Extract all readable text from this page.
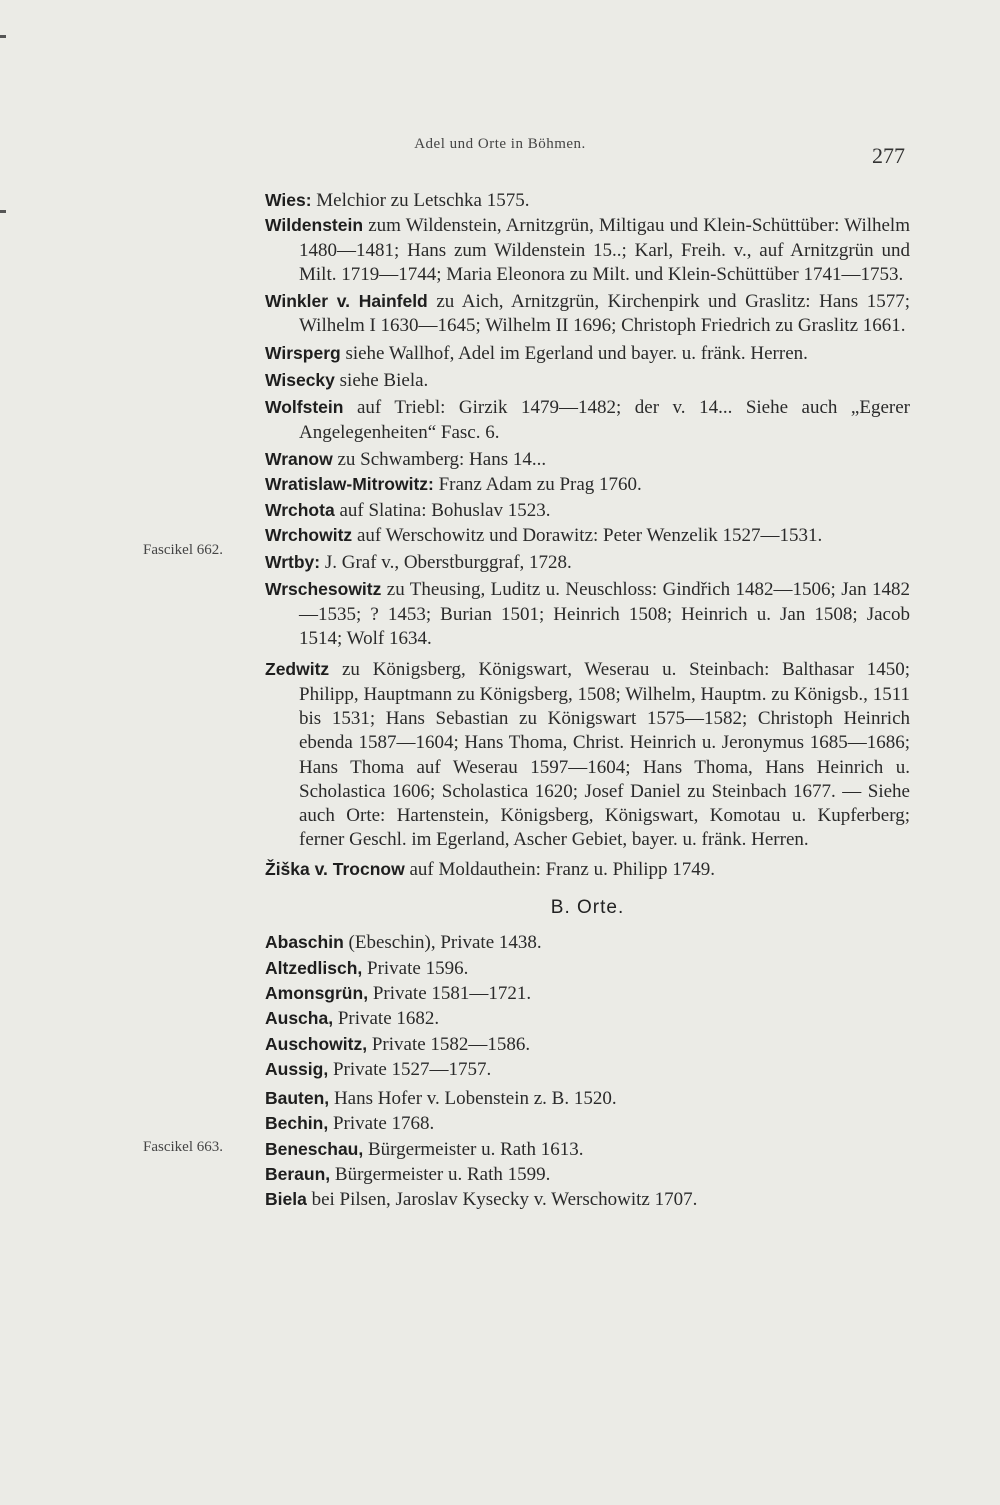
Adel und Orte in Böhmen.	277
Fascikel 662.
Fascikel 663.
Wies: Melchior zu Letschka 1575.
Wildenstein zum Wildenstein, Arnitzgrün, Miltigau und Klein-Schüttüber: Wilhelm 1480—1481; Hans zum Wildenstein 15..; Karl, Freih. v., auf Arnitzgrün und Milt. 1719—1744; Maria Eleonora zu Milt. und Klein-Schüttüber 1741—1753.
Winkler v. Hainfeld zu Aich, Arnitzgrün, Kirchenpirk und Graslitz: Hans 1577; Wilhelm I 1630—1645; Wilhelm II 1696; Christoph Friedrich zu Graslitz 1661.
Wirsperg siehe Wallhof, Adel im Egerland und bayer. u. fränk. Herren.
Wisecky siehe Biela.
Wolfstein auf Triebl: Girzik 1479—1482; der v. 14... Siehe auch „Egerer Angelegenheiten“ Fasc. 6.
Wranow zu Schwamberg: Hans 14...
Wratislaw-Mitrowitz: Franz Adam zu Prag 1760.
Wrchota auf Slatina: Bohuslav 1523.
Wrchowitz auf Werschowitz und Dorawitz: Peter Wenzelik 1527—1531.
Wrtby: J. Graf v., Oberstburggraf, 1728.
Wrschesowitz zu Theusing, Luditz u. Neuschloss: Gindřich 1482—1506; Jan 1482—1535; ? 1453; Burian 1501; Heinrich 1508; Heinrich u. Jan 1508; Jacob 1514; Wolf 1634.
Zedwitz zu Königsberg, Königswart, Weserau u. Steinbach: Balthasar 1450; Philipp, Hauptmann zu Königsberg, 1508; Wilhelm, Hauptm. zu Königsb., 1511 bis 1531; Hans Sebastian zu Königswart 1575—1582; Christoph Heinrich ebenda 1587—1604; Hans Thoma, Christ. Heinrich u. Jeronymus 1685—1686; Hans Thoma auf Weserau 1597—1604; Hans Thoma, Hans Heinrich u. Scholastica 1606; Scholastica 1620; Josef Daniel zu Steinbach 1677. — Siehe auch Orte: Hartenstein, Königsberg, Königswart, Komotau u. Kupferberg; ferner Geschl. im Egerland, Ascher Gebiet, bayer. u. fränk. Herren.
Žiška v. Trocnow auf Moldauthein: Franz u. Philipp 1749.
B. Orte.
Abaschin (Ebeschin), Private 1438.
Altzedlisch, Private 1596.
Amonsgrün, Private 1581—1721.
Auscha, Private 1682.
Auschowitz, Private 1582—1586.
Aussig, Private 1527—1757.
Bauten, Hans Hofer v. Lobenstein z. B. 1520.
Bechin, Private 1768.
Beneschau, Bürgermeister u. Rath 1613.
Beraun, Bürgermeister u. Rath 1599.
Biela bei Pilsen, Jaroslav Kysecky v. Werschowitz 1707.
